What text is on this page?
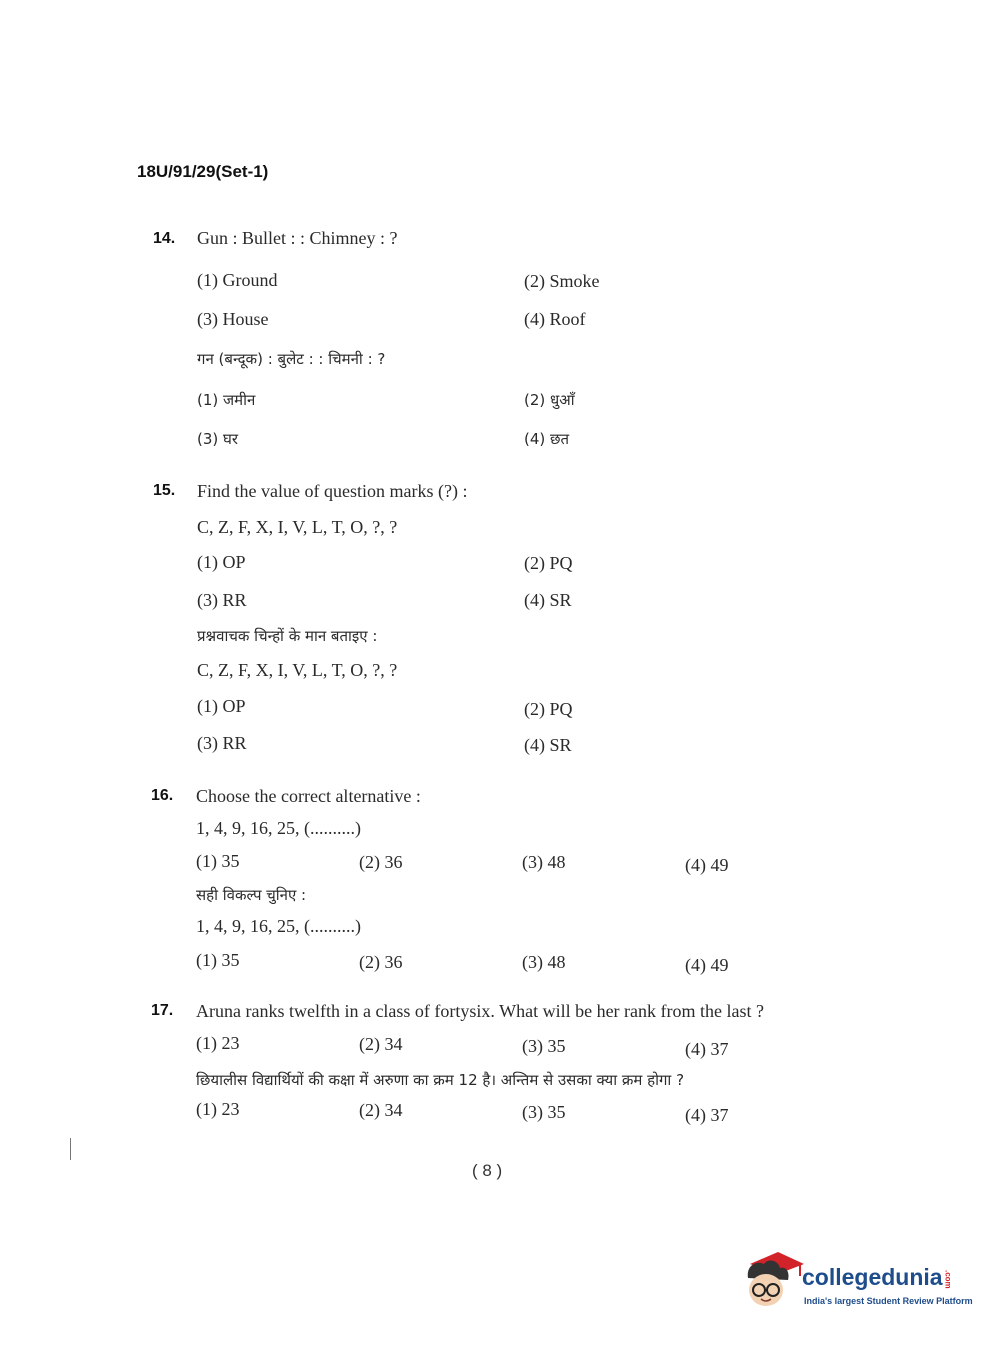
18U/91/29(Set-1)
14. Gun : Bullet : : Chimney : ?
(1) Ground	(2) Smoke
(3) House	(4) Roof
गन (बन्दूक) : बुलेट : : चिमनी : ?
(1) जमीन	(2) धुआँ
(3) घर	(4) छत
15. Find the value of question marks (?) :
C, Z, F, X, I, V, L, T, O, ?, ?
(1) OP	(2) PQ
(3) RR	(4) SR
प्रश्नवाचक चिन्हों के मान बताइए :
C, Z, F, X, I, V, L, T, O, ?, ?
(1) OP	(2) PQ
(3) RR	(4) SR
16. Choose the correct alternative :
1, 4, 9, 16, 25, (..........)
(1) 35	(2) 36	(3) 48	(4) 49
सही विकल्प चुनिए :
1, 4, 9, 16, 25, (..........)
(1) 35	(2) 36	(3) 48	(4) 49
17. Aruna ranks twelfth in a class of fortysix. What will be her rank from the last ?
(1) 23	(2) 34	(3) 35	(4) 37
छियालीस विद्यार्थियों की कक्षा में अरुणा का क्रम 12 है। अन्तिम से उसका क्या क्रम होगा ?
(1) 23	(2) 34	(3) 35	(4) 37
( 8 )
collegedunia.com
India's largest Student Review Platform
